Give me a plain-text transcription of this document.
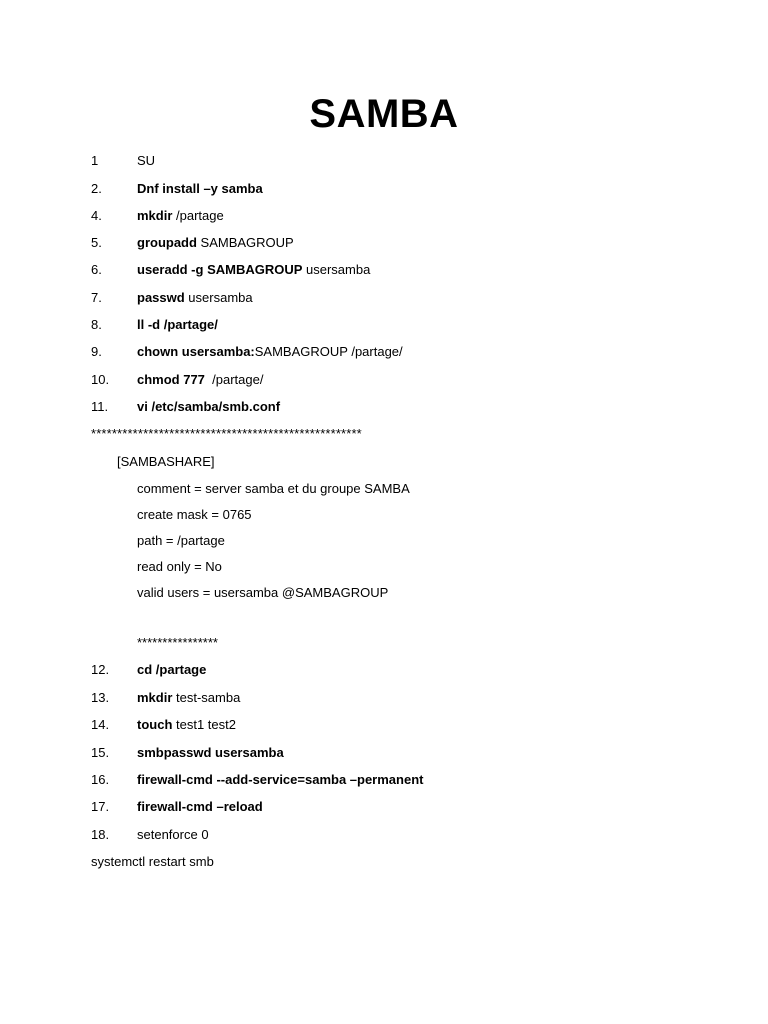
SAMBA
1	SU
2.	Dnf install –y samba
4.	mkdir /partage
5.	groupadd SAMBAGROUP
6.	useradd -g SAMBAGROUP usersamba
7.	passwd usersamba
8.	ll -d /partage/
9.	chown usersamba:SAMBAGROUP /partage/
10. chmod 777  /partage/
11. vi /etc/samba/smb.conf
****************************************************
[SAMBASHARE]
comment = server samba et du groupe SAMBA
create mask = 0765
path = /partage
read only = No
valid users = usersamba @SAMBAGROUP
****************
12. cd /partage
13. mkdir test-samba
14. touch test1 test2
15. smbpasswd usersamba
16. firewall-cmd --add-service=samba –permanent
17. firewall-cmd –reload
18. setenforce 0
systemctl restart smb
